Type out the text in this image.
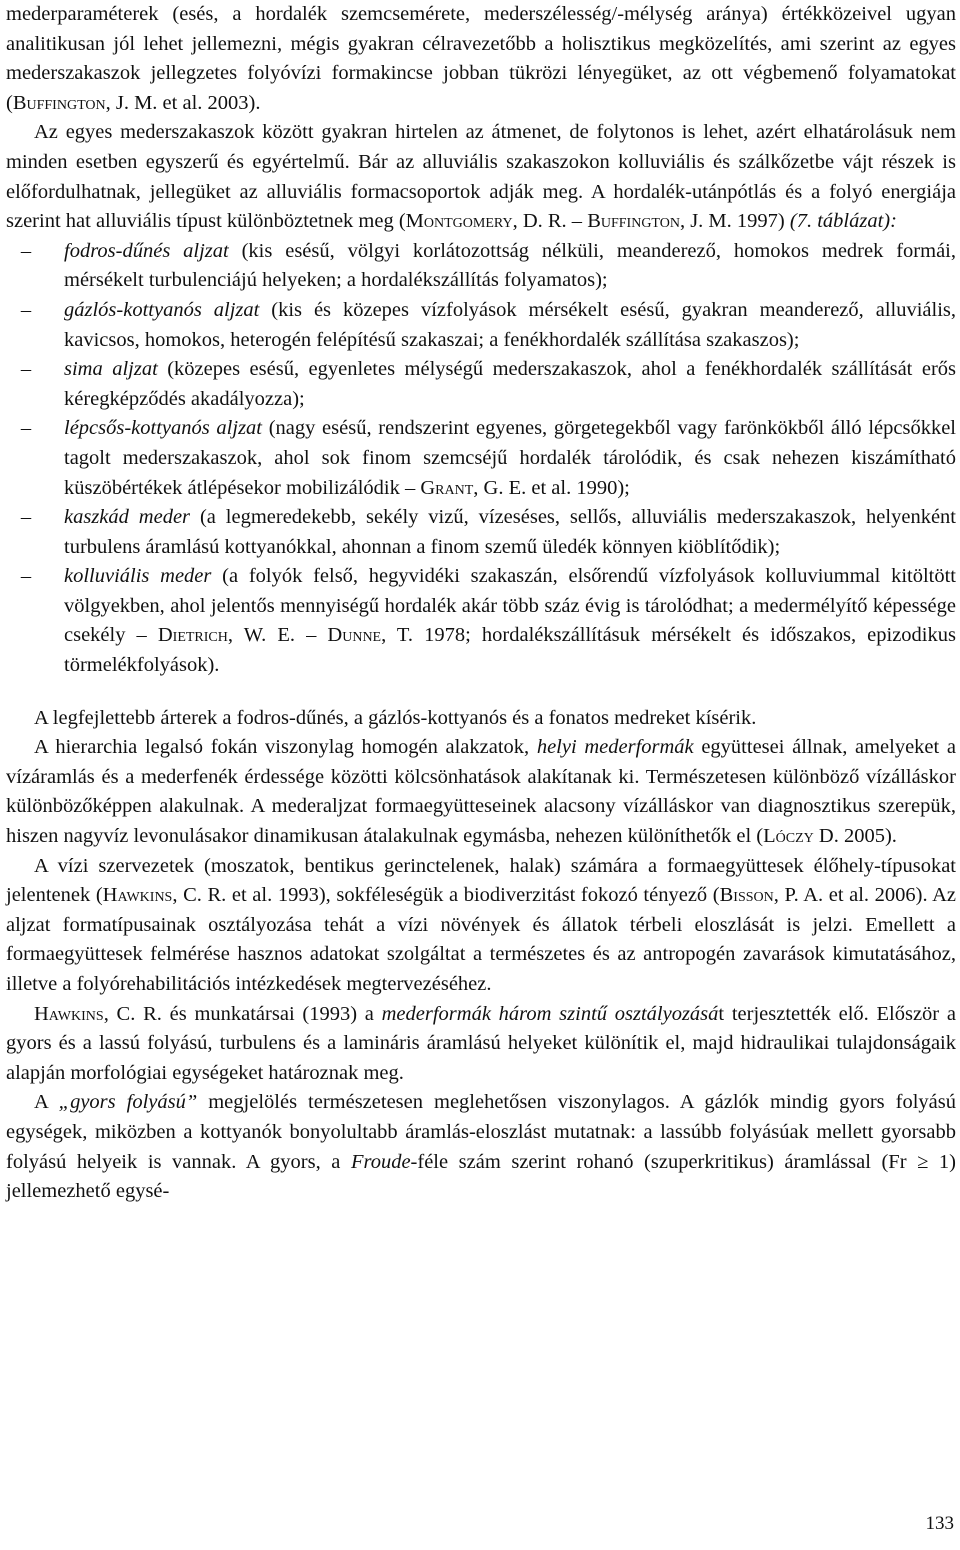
mederparaméterek (esés, a hordalék szemcsemérete, mederszélesség/-mélység aránya) értékközeivel ugyan analitikusan jól lehet jellemezni, mégis gyakran célravezetőbb a holisztikus megközelítés, ami szerint az egyes mederszakaszok jellegzetes folyóvízi formakincse jobban tükrözi lényegüket, az ott végbemenő folyamatokat (Buffington, J. M. et al. 2003).

Az egyes mederszakaszok között gyakran hirtelen az átmenet, de folytonos is lehet, azért elhatárolásuk nem minden esetben egyszerű és egyértelmű. Bár az alluviális szakaszokon kolluviális és szálkőzetbe vájt részek is előfordulhatnak, jellegüket az alluviális formacsoportok adják meg. A hordalék-utánpótlás és a folyó energiája szerint hat alluviális típust különböztetnek meg (Montgomery, D. R. – Buffington, J. M. 1997) (7. táblázat):

–	fodros-dűnés aljzat (kis esésű, völgyi korlátozottság nélküli, meanderező, homokos medrek formái, mérsékelt turbulenciájú helyeken; a hordalékszállítás folyamatos);
–	gázlós-kottyanós aljzat (kis és közepes vízfolyások mérsékelt esésű, gyakran meanderező, alluviális, kavicsos, homokos, heterogén felépítésű szakaszai; a fenékhordalék szállítása szakaszos);
–	sima aljzat (közepes esésű, egyenletes mélységű mederszakaszok, ahol a fenékhordalék szállítását erős kéregképződés akadályozza);
–	lépcsős-kottyanós aljzat (nagy esésű, rendszerint egyenes, görgetegekből vagy farönkökből álló lépcsőkkel tagolt mederszakaszok, ahol sok finom szemcséjű hordalék tárolódik, és csak nehezen kiszámítható küszöbértékek átlépésekor mobilizálódik – Grant, G. E. et al. 1990);
–	kaszkád meder (a legmeredekebb, sekély vizű, vízeséses, sellős, alluviális mederszakaszok, helyenként turbulens áramlású kottyanókkal, ahonnan a finom szemű üledék könnyen kiöblítődik);
–	kolluviális meder (a folyók felső, hegyvidéki szakaszán, elsőrendű vízfolyások kolluviummal kitöltött völgyekben, ahol jelentős mennyiségű hordalék akár több száz évig is tárolódhat; a medermélyítő képessége csekély – Dietrich, W. E. – Dunne, T. 1978; hordalékszállításuk mérsékelt és időszakos, epizodikus törmelékfolyások).

A legfejlettebb árterek a fodros-dűnés, a gázlós-kottyanós és a fonatos medreket kísérik.

A hierarchia legalsó fokán viszonylag homogén alakzatok, helyi mederformák együttesei állnak, amelyeket a vízáramlás és a mederfenék érdessége közötti kölcsönhatások alakítanak ki. Természetesen különböző vízálláskor különbözőképpen alakulnak. A mederaljzat formaegyütteseinek alacsony vízálláskor van diagnosztikus szerepük, hiszen nagyvíz levonulásakor dinamikusan átalakulnak egymásba, nehezen különíthetők el (Lóczy D. 2005).

A vízi szervezetek (moszatok, bentikus gerinctelenek, halak) számára a formaegyüttesek élőhely-típusokat jelentenek (Hawkins, C. R. et al. 1993), sokféleségük a biodiverzitást fokozó tényező (Bisson, P. A. et al. 2006). Az aljzat formatípusainak osztályozása tehát a vízi növények és állatok térbeli eloszlását is jelzi. Emellett a formaegyüttesek felmérése hasznos adatokat szolgáltat a természetes és az antropogén zavarások kimutatásához, illetve a folyórehabilitációs intézkedések megtervezéséhez.

Hawkins, C. R. és munkatársai (1993) a mederformák három szintű osztályozását terjesztették elő. Először a gyors és a lassú folyású, turbulens és a lamináris áramlású helyeket különítik el, majd hidraulikai tulajdonságaik alapján morfológiai egységeket határoznak meg.

A „gyors folyású” megjelölés természetesen meglehetősen viszonylagos. A gázlók mindig gyors folyású egységek, miközben a kottyanók bonyolultabb áramlás-eloszlást mutatnak: a lassúbb folyásúak mellett gyorsabb folyású helyeik is vannak. A gyors, a Froude-féle szám szerint rohanó (szuperkritikus) áramlással (Fr ≥ 1) jellemezhető egysé-

133
